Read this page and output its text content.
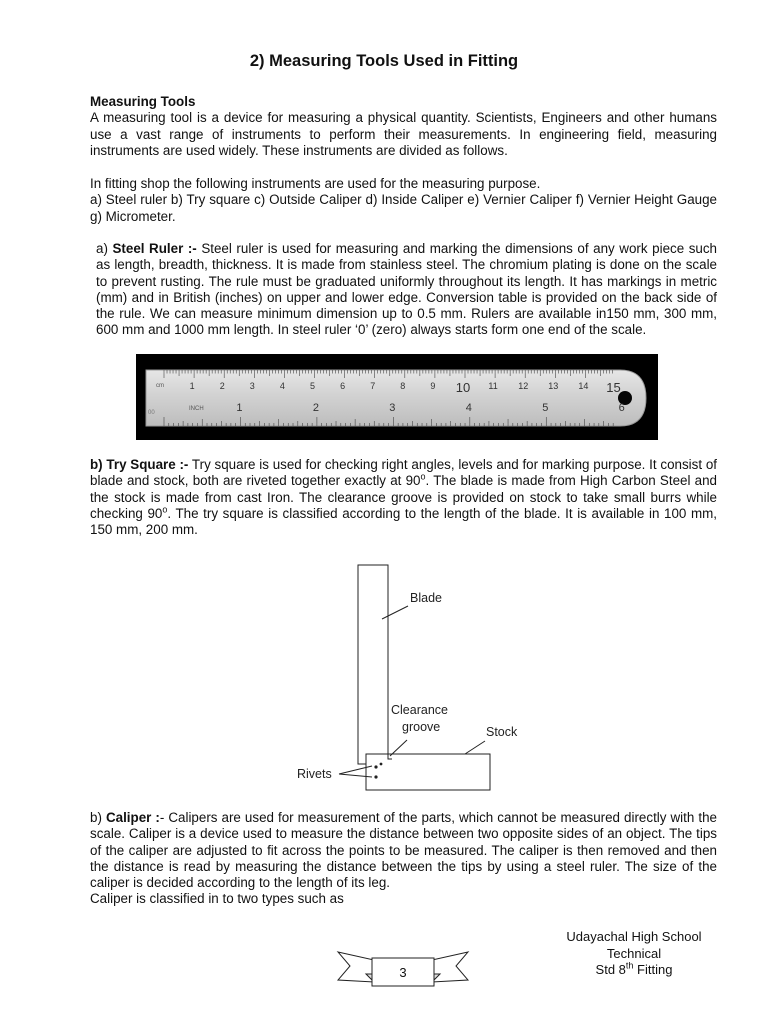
2) Measuring Tools Used in Fitting
Measuring Tools
A measuring tool is a device for measuring a physical quantity. Scientists, Engineers and other humans use a vast range of instruments to perform their measurements. In engineering field, measuring instruments are used widely. These instruments are divided as follows.
In fitting shop the following instruments are used for the measuring purpose.
a) Steel ruler b) Try square c) Outside Caliper d) Inside Caliper e) Vernier Caliper f) Vernier Height Gauge g) Micrometer.
a) Steel Ruler :- Steel ruler is used for measuring and marking the dimensions of any work piece such as length, breadth, thickness. It is made from stainless steel. The chromium plating is done on the scale to prevent rusting. The rule must be graduated uniformly throughout its length. It has markings in metric (mm) and in British (inches) on upper and lower edge. Conversion table is provided on the back side of the rule. We can measure minimum dimension up to 0.5 mm. Rulers are available in150 mm, 300 mm, 600 mm and 1000 mm length. In steel ruler ‘0’ (zero) always starts form one end of the scale.
cm
INCH
00
1	2	3	4	5	6	7	8	9 10 11 12 13 14 15
1	2	3	4	5	6
b) Try Square :- Try square is used for checking right angles, levels and for marking purpose. It consist of blade and stock, both are riveted together exactly at 90$^o$. The blade is made from High Carbon Steel and the stock is made from cast Iron. The clearance groove is provided on stock to take small burrs while checking 90$^o$. The try square is classified according to the length of the blade. It is available in 100 mm, 150 mm, 200 mm.
Blade
Clearance
groove	Stock
Rivets
b) Caliper :- Calipers are used for measurement of the parts, which cannot be measured directly with the scale. Caliper is a device used to measure the distance between two opposite sides of an object. The tips of the caliper are adjusted to fit across the points to be measured. The caliper is then removed and then the distance is read by measuring the distance between the tips by using a steel ruler. The size of the caliper is decided according to the length of its leg.
Caliper is classified in to two types such as
3
Udayachal High School
Technical
Std 8th Fitting
